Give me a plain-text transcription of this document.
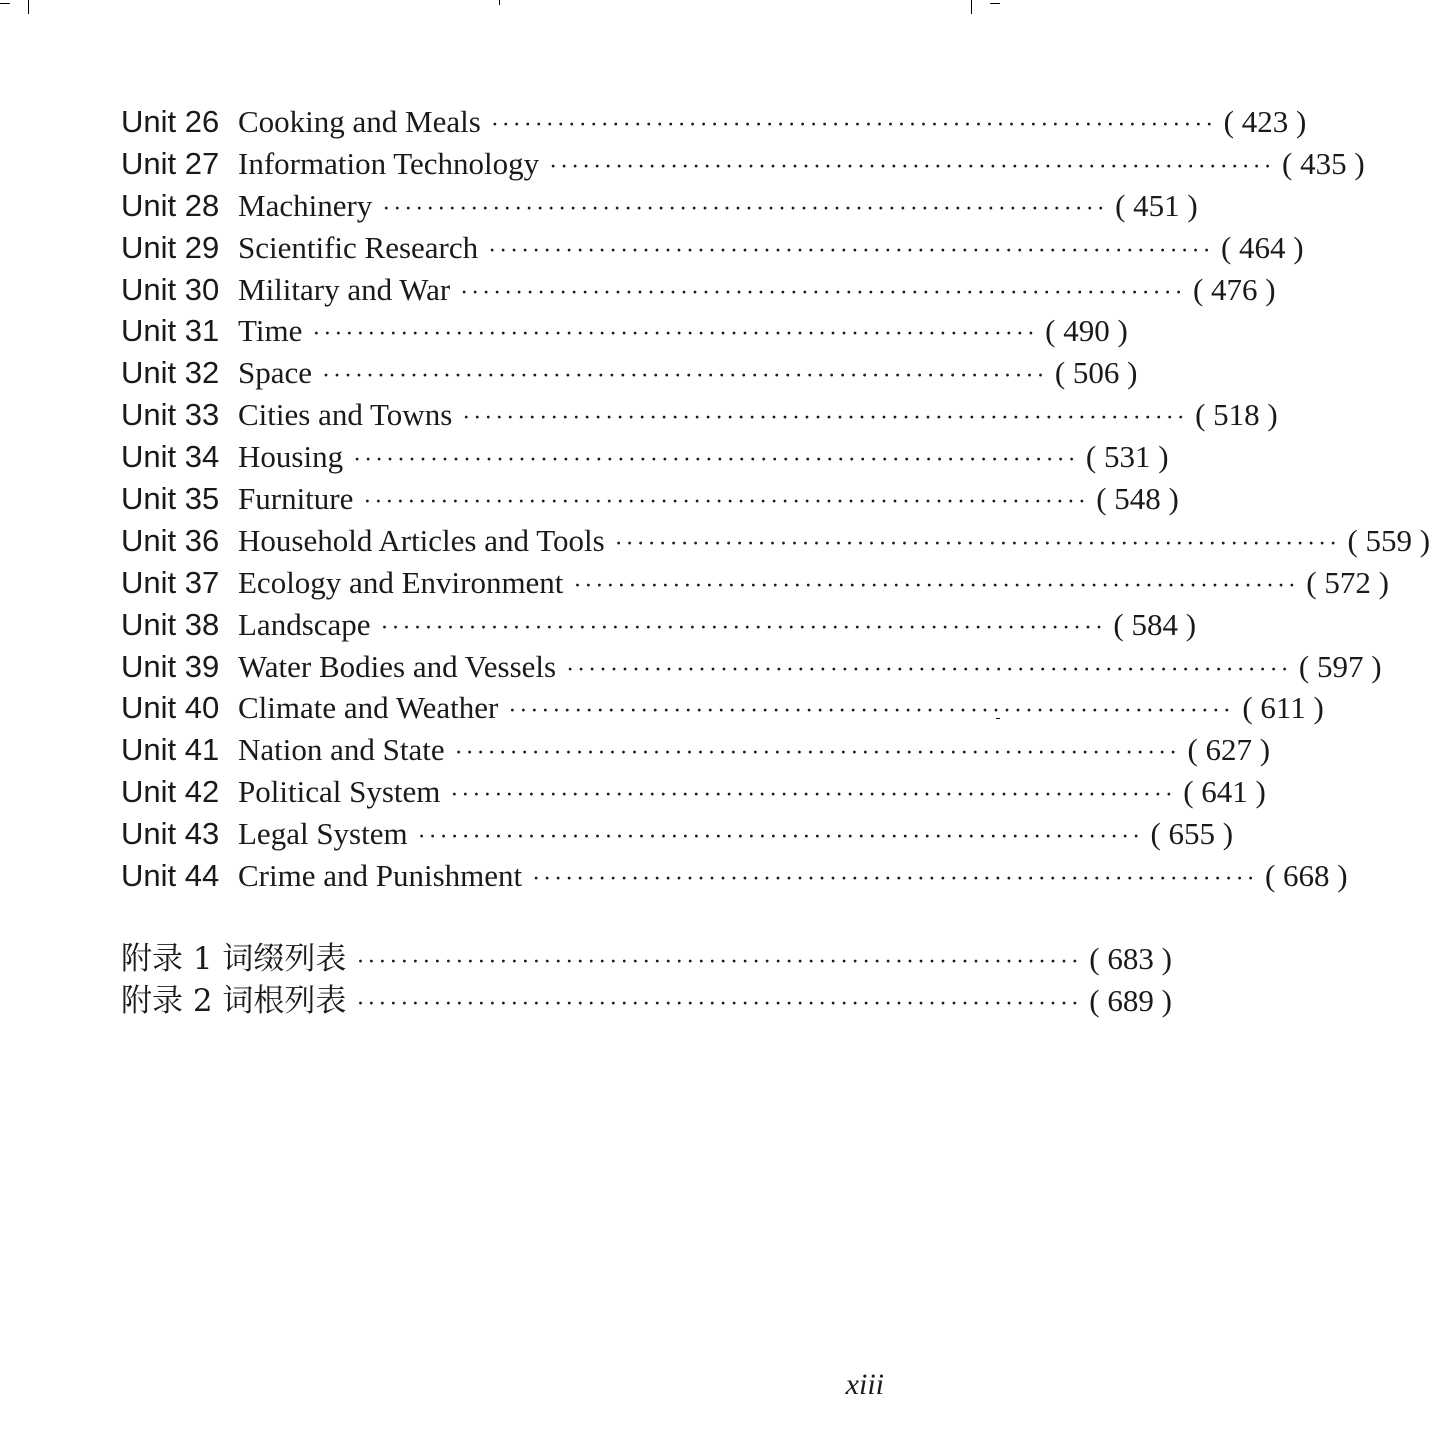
Unit 26 Cooking and Meals ·································································· ( 423 )
Unit 27 Information Technology ·································································· ( 435 )
Unit 28 Machinery ·································································· ( 451 )
Unit 29 Scientific Research ·································································· ( 464 )
Unit 30 Military and War ·································································· ( 476 )
Unit 31 Time ·································································· ( 490 )
Unit 32 Space ·································································· ( 506 )
Unit 33 Cities and Towns ·································································· ( 518 )
Unit 34 Housing ·································································· ( 531 )
Unit 35 Furniture ·································································· ( 548 )
Unit 36 Household Articles and Tools ·································································· ( 559 )
Unit 37 Ecology and Environment ·································································· ( 572 )
Unit 38 Landscape ·································································· ( 584 )
Unit 39 Water Bodies and Vessels ·································································· ( 597 )
Unit 40 Climate and Weather ·································································· ( 611 )
Unit 41 Nation and State ·································································· ( 627 )
Unit 42 Political System ·································································· ( 641 )
Unit 43 Legal System ·································································· ( 655 )
Unit 44 Crime and Punishment ·································································· ( 668 )
附录 1 词缀列表 ·································································· ( 683 )
附录 2 词根列表 ·································································· ( 689 )
xiii
